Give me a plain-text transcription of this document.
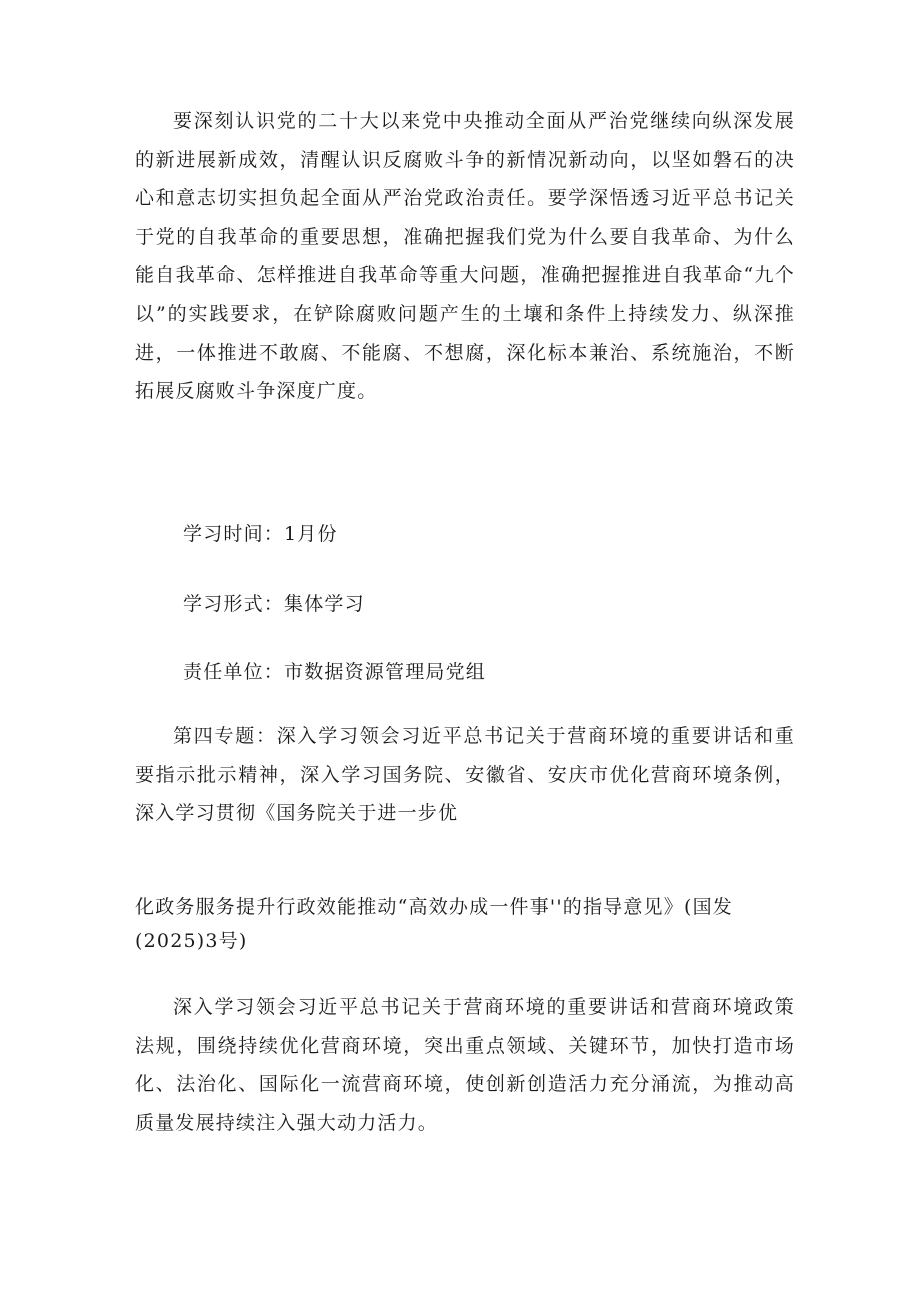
要深刻认识党的二十大以来党中央推动全面从严治党继续向纵深发展的新进展新成效，清醒认识反腐败斗争的新情况新动向，以坚如磐石的决心和意志切实担负起全面从严治党政治责任。要学深悟透习近平总书记关于党的自我革命的重要思想，准确把握我们党为什么要自我革命、为什么能自我革命、怎样推进自我革命等重大问题，准确把握推进自我革命“九个以”的实践要求，在铲除腐败问题产生的土壤和条件上持续发力、纵深推进，一体推进不敢腐、不能腐、不想腐，深化标本兼治、系统施治，不断拓展反腐败斗争深度广度。

学习时间：1月份

学习形式：集体学习

责任单位：市数据资源管理局党组

第四专题：深入学习领会习近平总书记关于营商环境的重要讲话和重要指示批示精神，深入学习国务院、安徽省、安庆市优化营商环境条例，深入学习贯彻《国务院关于进一步优

化政务服务提升行政效能推动“高效办成一件事''的指导意见》(国发
(2025)3号)

深入学习领会习近平总书记关于营商环境的重要讲话和营商环境政策法规，围绕持续优化营商环境，突出重点领域、关键环节，加快打造市场化、法治化、国际化一流营商环境，使创新创造活力充分涌流，为推动高质量发展持续注入强大动力活力。
